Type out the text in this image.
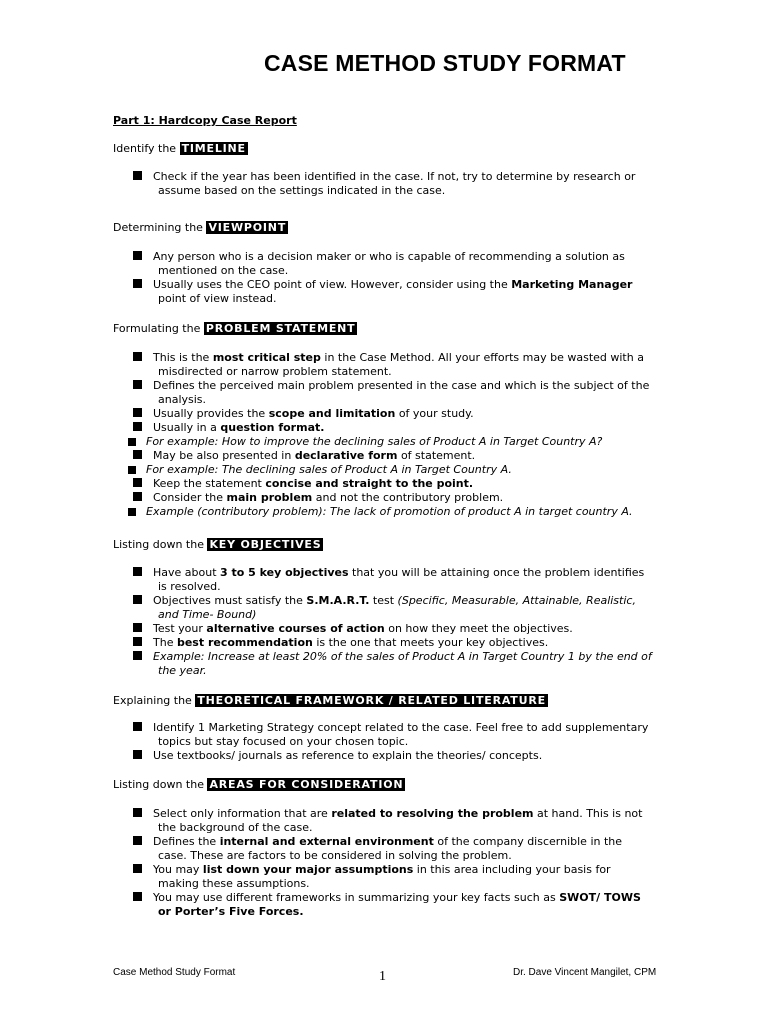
CASE METHOD STUDY FORMAT
Part 1: Hardcopy Case Report
Identify the TIMELINE
Check if the year has been identified in the case. If not, try to determine by research or assume based on the settings indicated in the case.
Determining the VIEWPOINT
Any person who is a decision maker or who is capable of recommending a solution as mentioned on the case.
Usually uses the CEO point of view. However, consider using the Marketing Manager point of view instead.
Formulating the PROBLEM STATEMENT
This is the most critical step in the Case Method. All your efforts may be wasted with a misdirected or narrow problem statement.
Defines the perceived main problem presented in the case and which is the subject of the analysis.
Usually provides the scope and limitation of your study.
Usually in a question format.
For example: How to improve the declining sales of Product A in Target Country A?
May be also presented in declarative form of statement.
For example: The declining sales of Product A in Target Country A.
Keep the statement concise and straight to the point.
Consider the main problem and not the contributory problem.
Example (contributory problem): The lack of promotion of product A in target country A.
Listing down the KEY OBJECTIVES
Have about 3 to 5 key objectives that you will be attaining once the problem identifies is resolved.
Objectives must satisfy the S.M.A.R.T. test (Specific, Measurable, Attainable, Realistic, and Time- Bound)
Test your alternative courses of action on how they meet the objectives.
The best recommendation is the one that meets your key objectives.
Example: Increase at least 20% of the sales of Product A in Target Country 1 by the end of the year.
Explaining the THEORETICAL FRAMEWORK / RELATED LITERATURE
Identify 1 Marketing Strategy concept related to the case. Feel free to add supplementary topics but stay focused on your chosen topic.
Use textbooks/ journals as reference to explain the theories/ concepts.
Listing down the AREAS FOR CONSIDERATION
Select only information that are related to resolving the problem at hand. This is not the background of the case.
Defines the internal and external environment of the company discernible in the case. These are factors to be considered in solving the problem.
You may list down your major assumptions in this area including your basis for making these assumptions.
You may use different frameworks in summarizing your key facts such as SWOT/ TOWS or Porter’s Five Forces.
Case Method Study Format	1	Dr. Dave Vincent Mangilet, CPM
